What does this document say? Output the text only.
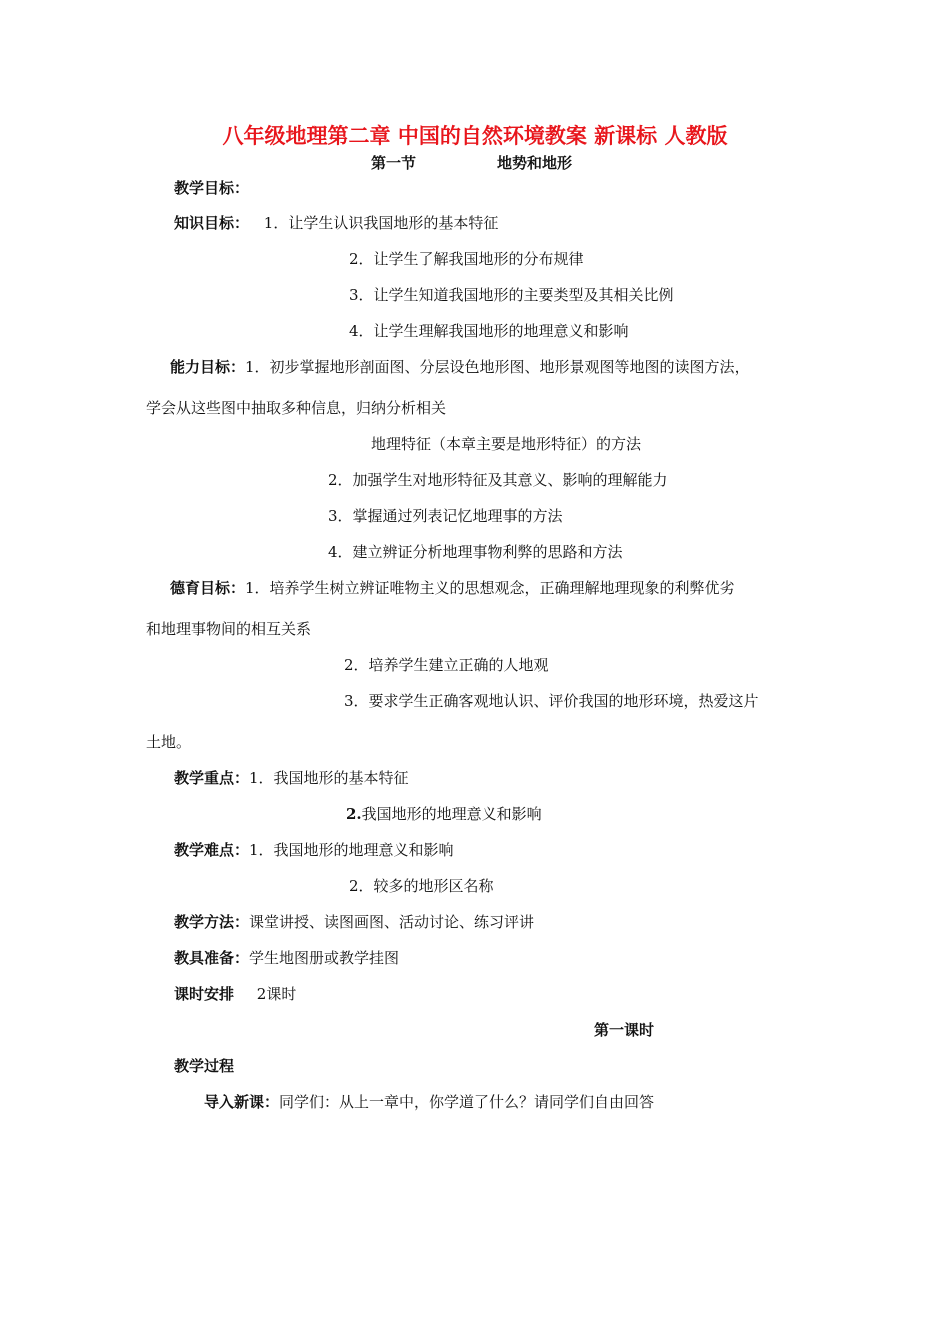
八年级地理第二章 中国的自然环境教案 新课标 人教版
第一节	地势和地形
教学目标：
知识目标： 1．让学生认识我国地形的基本特征
2．让学生了解我国地形的分布规律
3．让学生知道我国地形的主要类型及其相关比例
4．让学生理解我国地形的地理意义和影响
能力目标：1．初步掌握地形剖面图、分层设色地形图、地形景观图等地图的读图方法，
学会从这些图中抽取多种信息，归纳分析相关
地理特征（本章主要是地形特征）的方法
2．加强学生对地形特征及其意义、影响的理解能力
3．掌握通过列表记忆地理事的方法
4．建立辨证分析地理事物利弊的思路和方法
德育目标：1．培养学生树立辨证唯物主义的思想观念，正确理解地理现象的利弊优劣
和地理事物间的相互关系
2．培养学生建立正确的人地观
3．要求学生正确客观地认识、评价我国的地形环境，热爱这片
土地。
教学重点：1．我国地形的基本特征
2.我国地形的地理意义和影响
教学难点：1．我国地形的地理意义和影响
2．较多的地形区名称
教学方法：课堂讲授、读图画图、活动讨论、练习评讲
教具准备：学生地图册或教学挂图
课时安排 2课时
第一课时
教学过程
导入新课：同学们：从上一章中，你学道了什么？请同学们自由回答
